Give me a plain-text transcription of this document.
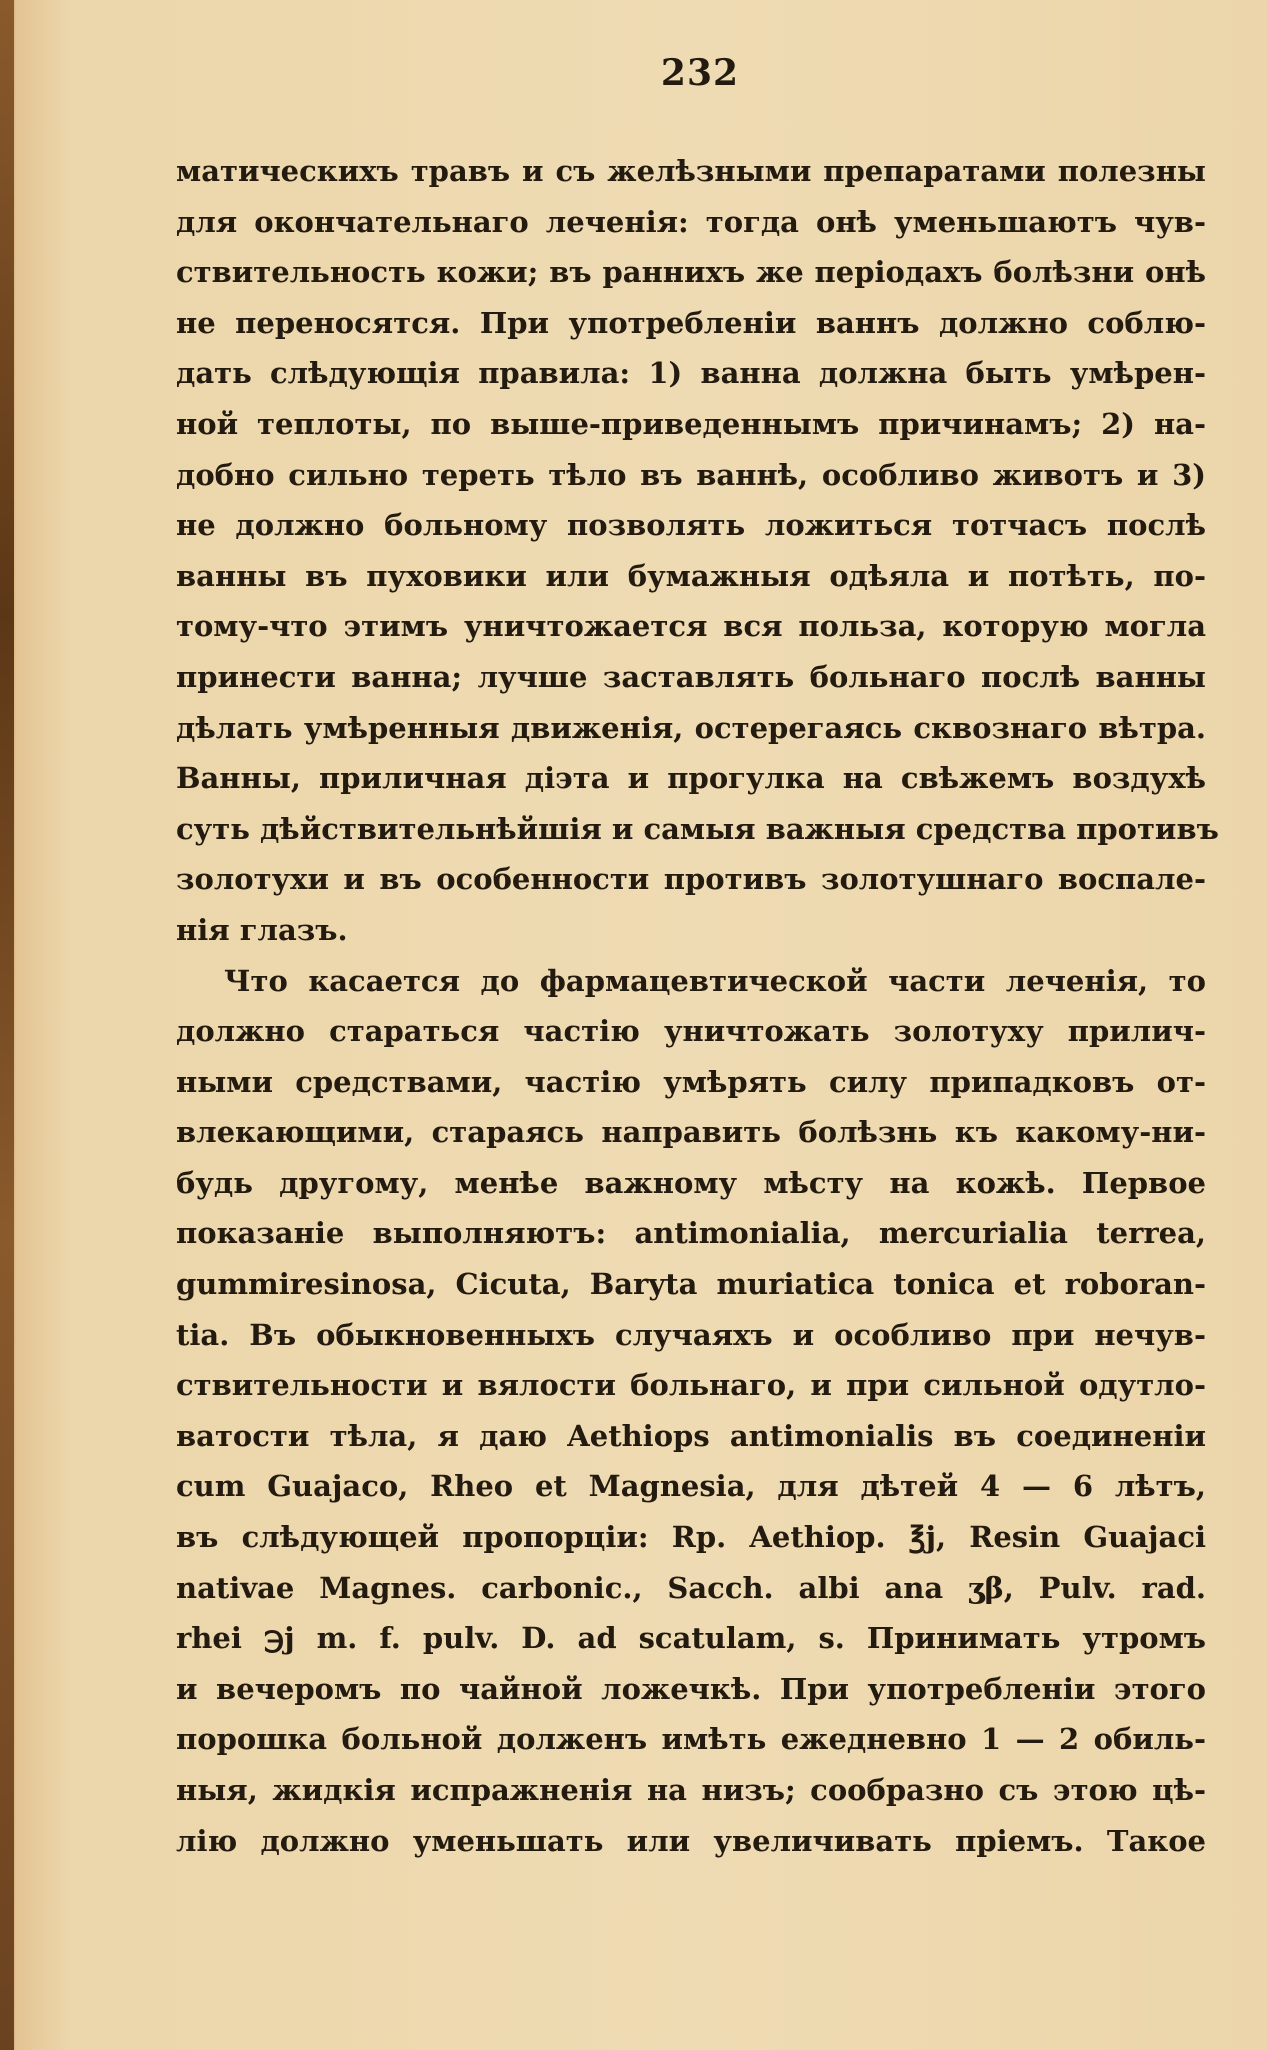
232
матическихъ травъ и съ желѣзными препаратами полезны
для окончательнаго леченія: тогда онѣ уменьшаютъ чув-
ствительность кожи; въ раннихъ же періодахъ болѣзни онѣ
не переносятся. При употребленіи ваннъ должно соблю-
дать слѣдующія правила: 1) ванна должна быть умѣрен-
ной теплоты, по выше-приведеннымъ причинамъ; 2) на-
добно сильно тереть тѣло въ ваннѣ, особливо животъ и 3)
не должно больному позволять ложиться тотчасъ послѣ
ванны въ пуховики или бумажныя одѣяла и потѣть, по-
тому-что этимъ уничтожается вся польза, которую могла
принести ванна; лучше заставлять больнаго послѣ ванны
дѣлать умѣренныя движенія, остерегаясь сквознаго вѣтра.
Ванны, приличная діэта и прогулка на свѣжемъ воздухѣ
суть дѣйствительнѣйшія и самыя важныя средства противъ
золотухи и въ особенности противъ золотушнаго воспале-
нія глазъ.
Что касается до фармацевтической части леченія, то
должно стараться частію уничтожать золотуху прилич-
ными средствами, частію умѣрять силу припадковъ от-
влекающими, стараясь направить болѣзнь къ какому-ни-
будь другому, менѣе важному мѣсту на кожѣ. Первое
показаніе выполняютъ: antimonialia, mercurialia terrea,
gummiresinosa, Cicuta, Baryta muriatica tonica et roboran-
tia. Въ обыкновенныхъ случаяхъ и особливо при нечув-
ствительности и вялости больнаго, и при сильной одутло-
ватости тѣла, я даю Aethiops antimonialis въ соединеніи
cum Guajaco, Rheo et Magnesia, для дѣтей 4 — 6 лѣтъ,
въ слѣдующей пропорціи: Rp. Aethiop. ℥j, Resin Guajaci
nativae Magnes. carbonic., Sacch. albi ana ʒβ, Pulv. rad.
rhei ℈j m. f. pulv. D. ad scatulam, s. Принимать утромъ
и вечеромъ по чайной ложечкѣ. При употребленіи этого
порошка больной долженъ имѣть ежедневно 1 — 2 обиль-
ныя, жидкія испражненія на низъ; сообразно съ этою цѣ-
лію должно уменьшать или увеличивать пріемъ. Такое
